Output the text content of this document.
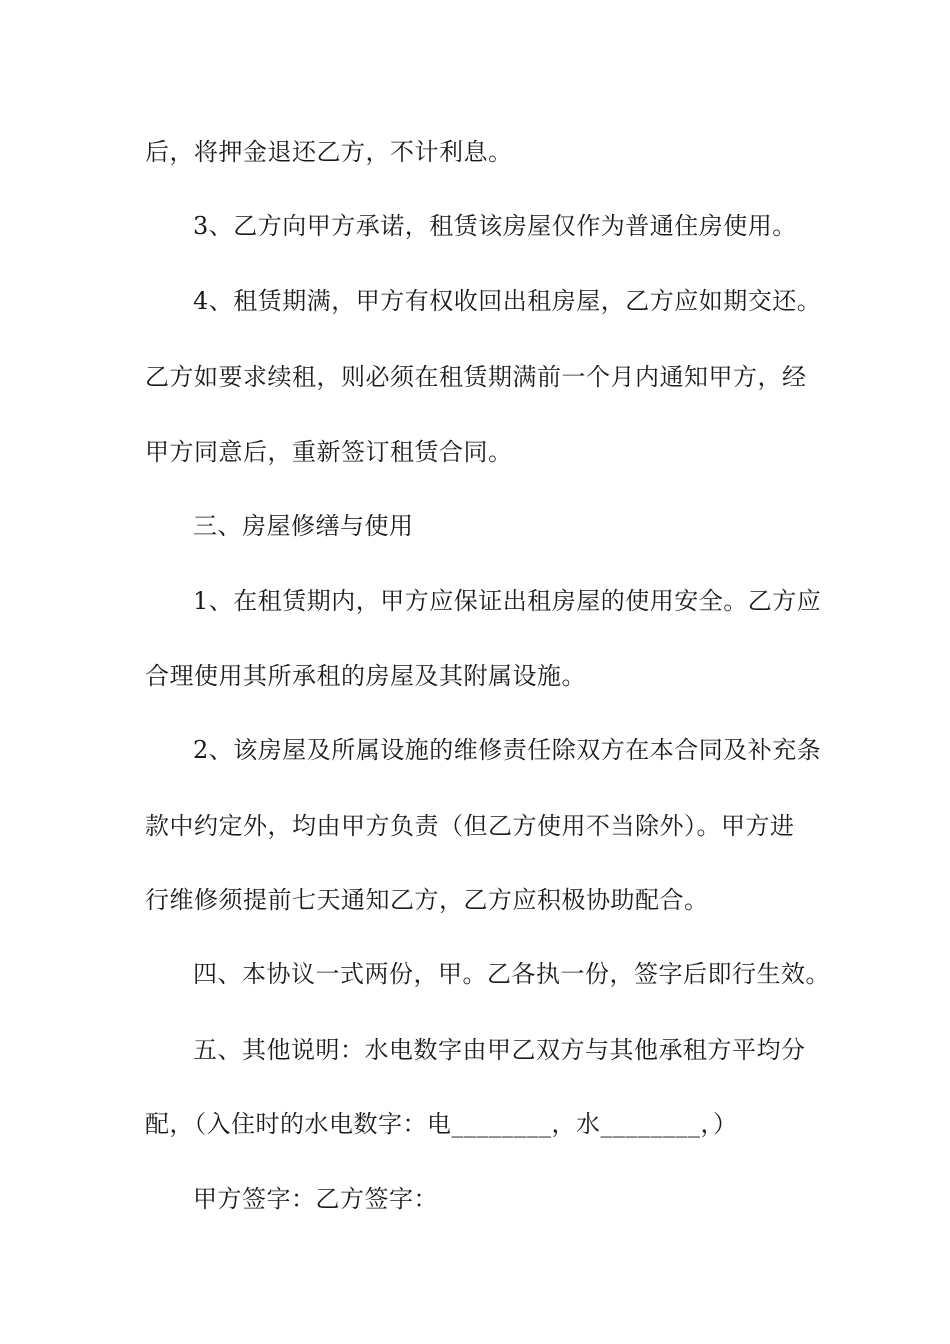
后，将押金退还乙方，不计利息。
3、乙方向甲方承诺，租赁该房屋仅作为普通住房使用。
4、租赁期满，甲方有权收回出租房屋，乙方应如期交还。
乙方如要求续租，则必须在租赁期满前一个月内通知甲方，经
甲方同意后，重新签订租赁合同。
三、房屋修缮与使用
1、在租赁期内，甲方应保证出租房屋的使用安全。乙方应
合理使用其所承租的房屋及其附属设施。
2、该房屋及所属设施的维修责任除双方在本合同及补充条
款中约定外，均由甲方负责（但乙方使用不当除外）。甲方进
行维修须提前七天通知乙方，乙方应积极协助配合。
四、本协议一式两份，甲。乙各执一份，签字后即行生效。
五、其他说明：水电数字由甲乙双方与其他承租方平均分
配，（入住时的水电数字：电________，水________，）
甲方签字：乙方签字：
